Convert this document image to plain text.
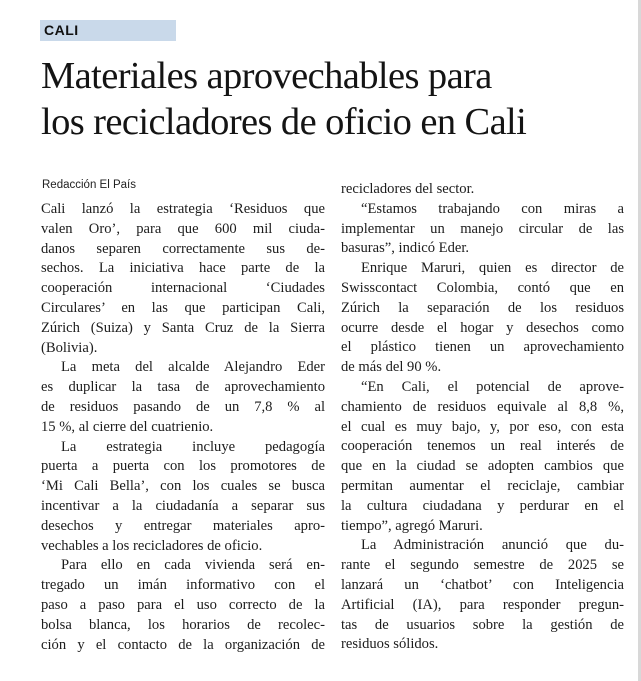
CALI
Materiales aprovechables para
los recicladores de oficio en Cali
Redacción El País
Cali lanzó la estrategia ‘Residuos que
valen Oro’, para que 600 mil ciuda-
danos separen correctamente sus de-
sechos. La iniciativa hace parte de la
cooperación internacional ‘Ciudades
Circulares’ en las que participan Cali,
Zúrich (Suiza) y Santa Cruz de la Sierra
(Bolivia).
La meta del alcalde Alejandro Eder
es duplicar la tasa de aprovechamiento
de residuos pasando de un 7,8 % al
15 %, al cierre del cuatrienio.
La estrategia incluye pedagogía
puerta a puerta con los promotores de
‘Mi Cali Bella’, con los cuales se busca
incentivar a la ciudadanía a separar sus
desechos y entregar materiales apro-
vechables a los recicladores de oficio.
Para ello en cada vivienda será en-
tregado un imán informativo con el
paso a paso para el uso correcto de la
bolsa blanca, los horarios de recolec-
ción y el contacto de la organización de
recicladores del sector.
“Estamos trabajando con miras a
implementar un manejo circular de las
basuras”, indicó Eder.
Enrique Maruri, quien es director de
Swisscontact Colombia, contó que en
Zúrich la separación de los residuos
ocurre desde el hogar y desechos como
el plástico tienen un aprovechamiento
de más del 90 %.
“En Cali, el potencial de aprove-
chamiento de residuos equivale al 8,8 %,
el cual es muy bajo, y, por eso, con esta
cooperación tenemos un real interés de
que en la ciudad se adopten cambios que
permitan aumentar el reciclaje, cambiar
la cultura ciudadana y perdurar en el
tiempo”, agregó Maruri.
La Administración anunció que du-
rante el segundo semestre de 2025 se
lanzará un ‘chatbot’ con Inteligencia
Artificial (IA), para responder pregun-
tas de usuarios sobre la gestión de
residuos sólidos.
